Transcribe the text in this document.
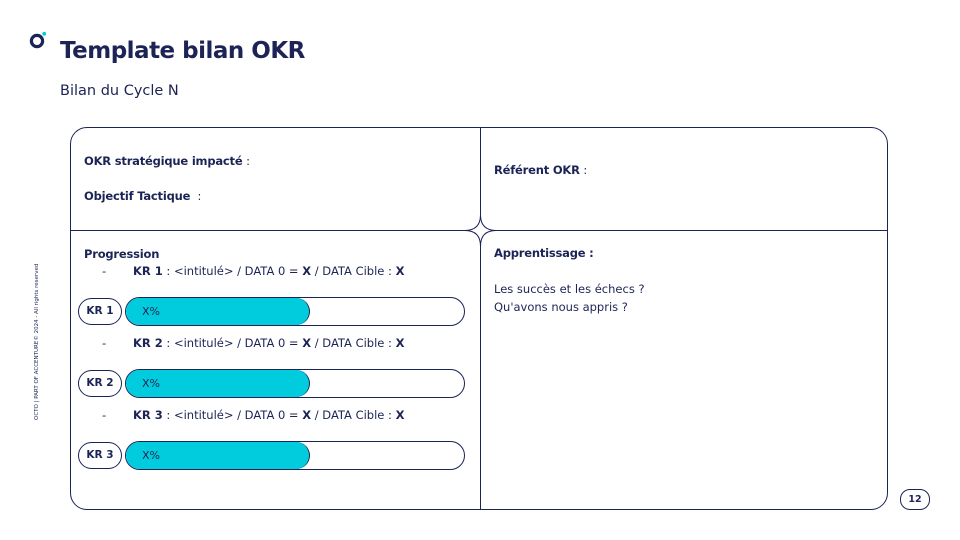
Template bilan OKR
Bilan du Cycle N
OKR stratégique impacté :
Objectif Tactique  :
Référent OKR :
Progression
- KR 1 : <intitulé> / DATA 0 = X / DATA Cible : X
KR 1	X%
- KR 2 : <intitulé> / DATA 0 = X / DATA Cible : X
KR 2	X%
- KR 3 : <intitulé> / DATA 0 = X / DATA Cible : X
KR 3	X%
Apprentissage :
Les succès et les échecs ?
Qu'avons nous appris ?
OCTO | PART OF ACCENTURE© 2024 - All rights reserved
12
